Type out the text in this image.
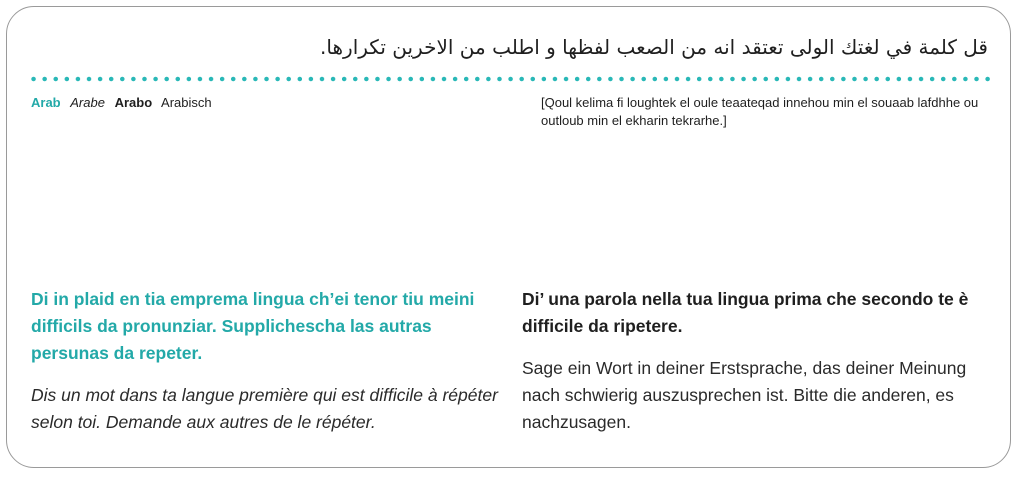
قل كلمة في لغتك الولى تعتقد انه من الصعب لفظها و اطلب من الاخرين تكرارها.
Arab Arabe Arabo Arabisch	[Qoul kelima fi loughtek el oule teaateqad innehou min el souaab lafdhhe ou outloub min el ekharin tekrarhe.]

Di in plaid en tia emprema lingua ch’ei tenor tiu meini difficils da pronunziar. Supplichescha las autras persunas da repeter.

Dis un mot dans ta langue première qui est difficile à répéter selon toi. Demande aux autres de le répéter.

Di’ una parola nella tua lingua prima che secondo te è difficile da ripetere.

Sage ein Wort in deiner Erstsprache, das deiner Meinung nach schwierig auszusprechen ist. Bitte die anderen, es nachzusagen.
